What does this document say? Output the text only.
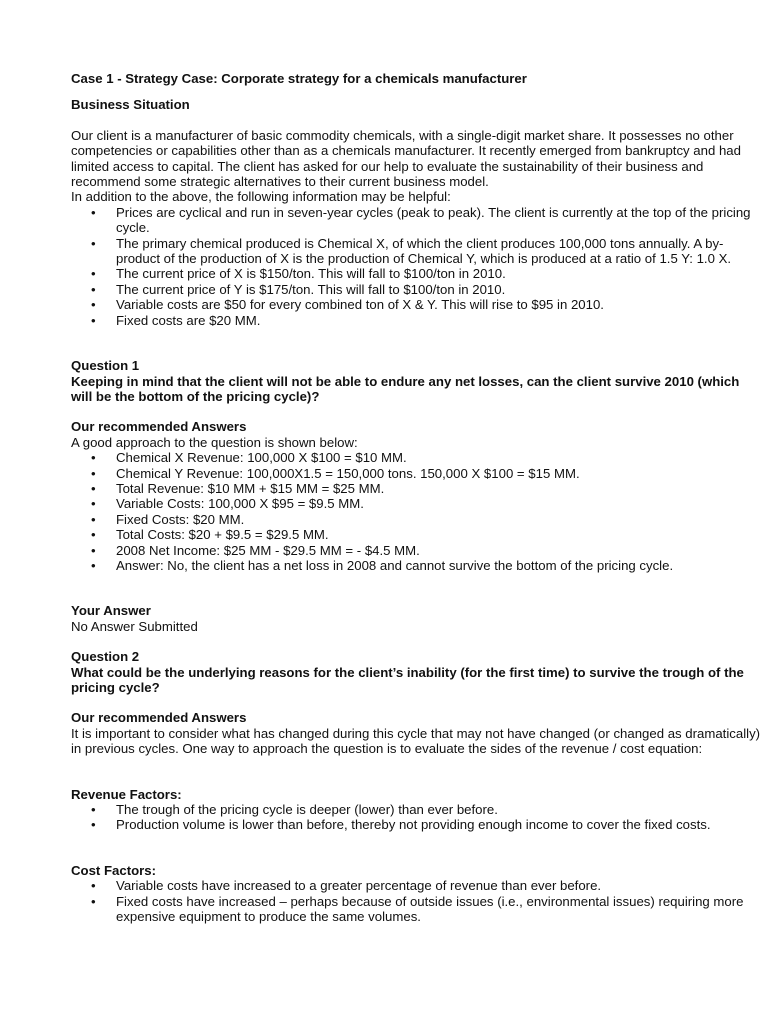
Case 1 - Strategy Case: Corporate strategy for a chemicals manufacturer

Business Situation

Our client is a manufacturer of basic commodity chemicals, with a single-digit market share. It possesses no other competencies or capabilities other than as a chemicals manufacturer. It recently emerged from bankruptcy and had limited access to capital. The client has asked for our help to evaluate the sustainability of their business and recommend some strategic alternatives to their current business model.

In addition to the above, the following information may be helpful:

• Prices are cyclical and run in seven-year cycles (peak to peak). The client is currently at the top of the pricing cycle.
• The primary chemical produced is Chemical X, of which the client produces 100,000 tons annually. A by-product of the production of X is the production of Chemical Y, which is produced at a ratio of 1.5 Y: 1.0 X.
• The current price of X is $150/ton. This will fall to $100/ton in 2010.
• The current price of Y is $175/ton. This will fall to $100/ton in 2010.
• Variable costs are $50 for every combined ton of X & Y. This will rise to $95 in 2010.
• Fixed costs are $20 MM.

Question 1

Keeping in mind that the client will not be able to endure any net losses, can the client survive 2010 (which will be the bottom of the pricing cycle)?

Our recommended Answers

A good approach to the question is shown below:

• Chemical X Revenue: 100,000 X $100 = $10 MM.
• Chemical Y Revenue: 100,000X1.5 = 150,000 tons. 150,000 X $100 = $15 MM.
• Total Revenue: $10 MM + $15 MM = $25 MM.
• Variable Costs: 100,000 X $95 = $9.5 MM.
• Fixed Costs: $20 MM.
• Total Costs: $20 + $9.5 = $29.5 MM.
• 2008 Net Income: $25 MM - $29.5 MM = - $4.5 MM.
• Answer: No, the client has a net loss in 2008 and cannot survive the bottom of the pricing cycle.

Your Answer

No Answer Submitted

Question 2

What could be the underlying reasons for the client’s inability (for the first time) to survive the trough of the pricing cycle?

Our recommended Answers

It is important to consider what has changed during this cycle that may not have changed (or changed as dramatically) in previous cycles. One way to approach the question is to evaluate the sides of the revenue / cost equation:

Revenue Factors:

• The trough of the pricing cycle is deeper (lower) than ever before.
• Production volume is lower than before, thereby not providing enough income to cover the fixed costs.

Cost Factors:

• Variable costs have increased to a greater percentage of revenue than ever before.
• Fixed costs have increased – perhaps because of outside issues (i.e., environmental issues) requiring more expensive equipment to produce the same volumes.
